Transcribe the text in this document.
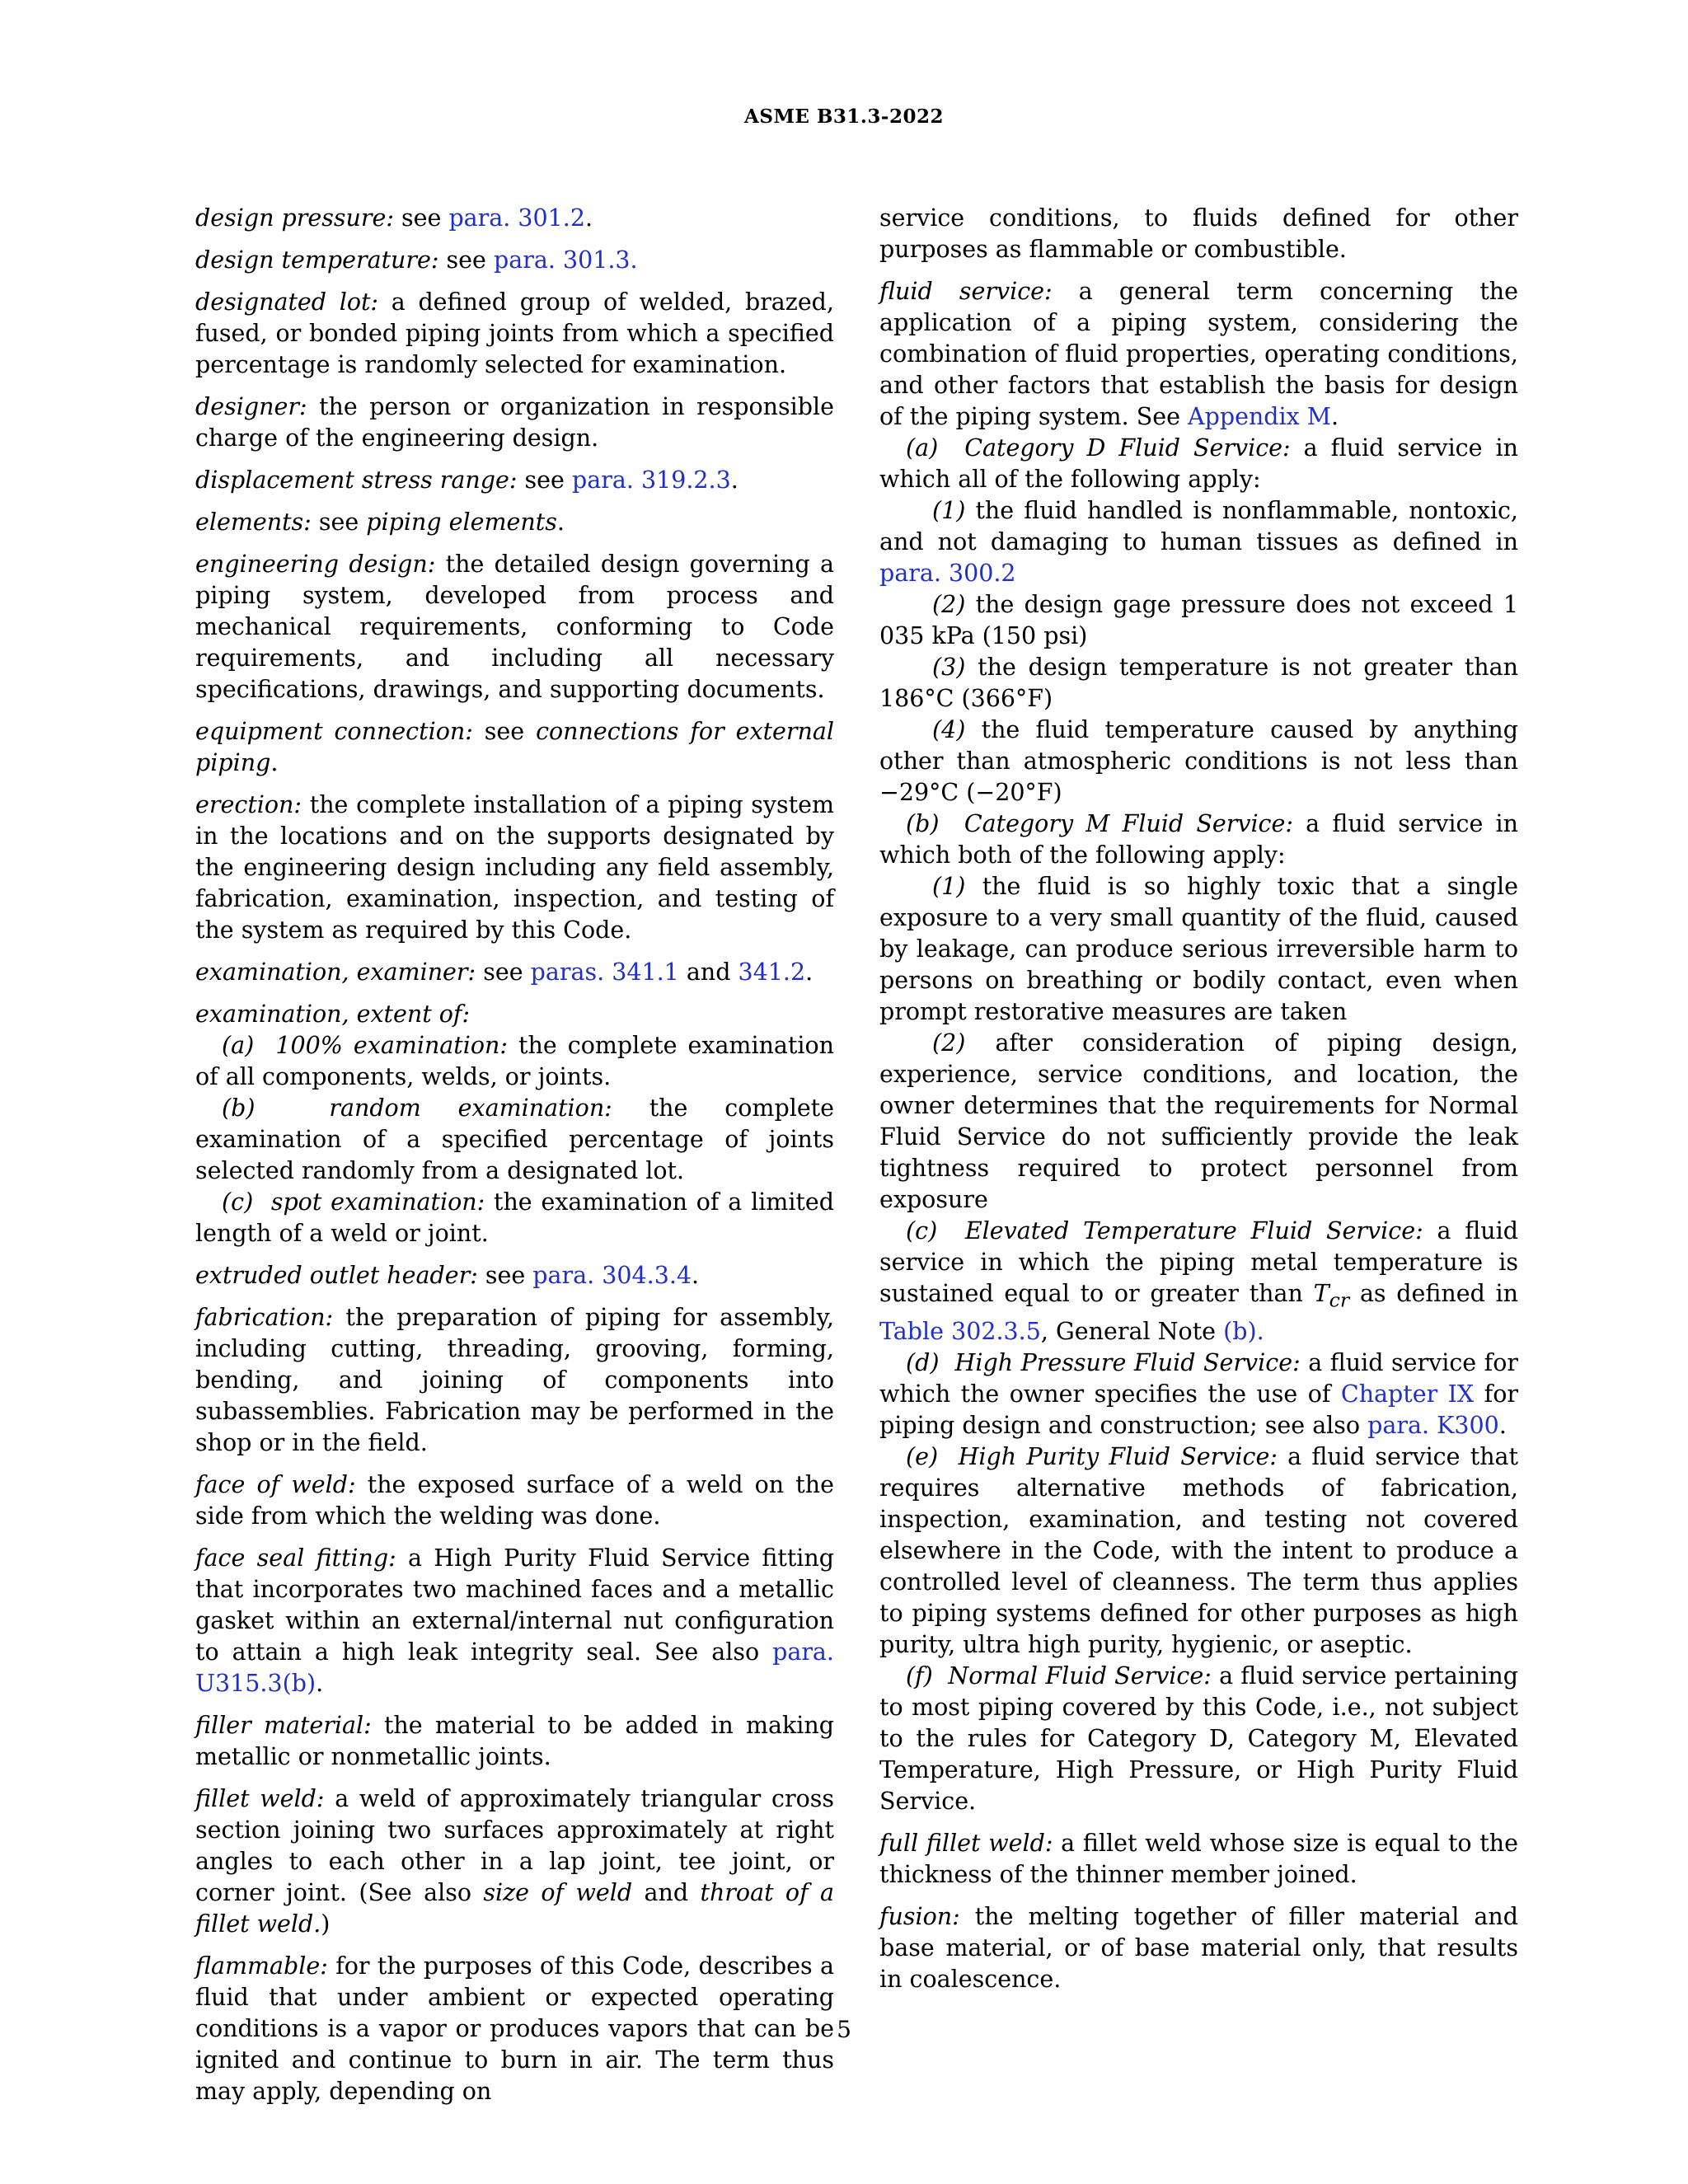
ASME B31.3-2022

design pressure: see para. 301.2.

design temperature: see para. 301.3.

designated lot: a defined group of welded, brazed, fused, or bonded piping joints from which a specified percentage is randomly selected for examination.

designer: the person or organization in responsible charge of the engineering design.

displacement stress range: see para. 319.2.3.

elements: see piping elements.

engineering design: the detailed design governing a piping system, developed from process and mechanical requirements, conforming to Code requirements, and including all necessary specifications, drawings, and supporting documents.

equipment connection: see connections for external piping.

erection: the complete installation of a piping system in the locations and on the supports designated by the engineering design including any field assembly, fabrication, examination, inspection, and testing of the system as required by this Code.

examination, examiner: see paras. 341.1 and 341.2.

examination, extent of:

(a) 100% examination: the complete examination of all components, welds, or joints.

(b)	random examination: the complete examination of a specified percentage of joints selected randomly from a designated lot.

(c) spot examination: the examination of a limited length of a weld or joint.

extruded outlet header: see para. 304.3.4.

fabrication: the preparation of piping for assembly, including cutting, threading, grooving, forming, bending, and joining of components into subassemblies. Fabrication may be performed in the shop or in the field.

face of weld: the exposed surface of a weld on the side from which the welding was done.

face seal fitting: a High Purity Fluid Service fitting that incorporates two machined faces and a metallic gasket within an external/internal nut configuration to attain a high leak integrity seal. See also para. U315.3(b).

filler material: the material to be added in making metallic or nonmetallic joints.

fillet weld: a weld of approximately triangular cross section joining two surfaces approximately at right angles to each other in a lap joint, tee joint, or corner joint. (See also size of weld and throat of a fillet weld.)

flammable: for the purposes of this Code, describes a fluid that under ambient or expected operating conditions is a vapor or produces vapors that can be ignited and continue to burn in air. The term thus may apply, depending on

service conditions, to fluids defined for other purposes as flammable or combustible.

fluid service: a general term concerning the application of a piping system, considering the combination of fluid properties, operating conditions, and other factors that establish the basis for design of the piping system. See Appendix M.

(a) Category D Fluid Service: a fluid service in which all of the following apply:

(1) the fluid handled is nonflammable, nontoxic, and not damaging to human tissues as defined in para. 300.2

(2) the design gage pressure does not exceed 1 035 kPa (150 psi)

(3) the design temperature is not greater than 186°C (366°F)

(4) the fluid temperature caused by anything other than atmospheric conditions is not less than −29°C (−20°F)

(b) Category M Fluid Service: a fluid service in which both of the following apply:

(1) the fluid is so highly toxic that a single exposure to a very small quantity of the fluid, caused by leakage, can produce serious irreversible harm to persons on breathing or bodily contact, even when prompt restorative measures are taken

(2) after consideration of piping design, experience, service conditions, and location, the owner determines that the requirements for Normal Fluid Service do not sufficiently provide the leak tightness required to protect personnel from exposure

(c) Elevated Temperature Fluid Service: a fluid service in which the piping metal temperature is sustained equal to or greater than $T_{cr}$ as defined in Table 302.3.5, General Note (b).

(d) High Pressure Fluid Service: a fluid service for which the owner specifies the use of Chapter IX for piping design and construction; see also para. K300.

(e) High Purity Fluid Service: a fluid service that requires alternative methods of fabrication, inspection, examination, and testing not covered elsewhere in the Code, with the intent to produce a controlled level of cleanness. The term thus applies to piping systems defined for other purposes as high purity, ultra high purity, hygienic, or aseptic.

(f) Normal Fluid Service: a fluid service pertaining to most piping covered by this Code, i.e., not subject to the rules for Category D, Category M, Elevated Temperature, High Pressure, or High Purity Fluid Service.

full fillet weld: a fillet weld whose size is equal to the thickness of the thinner member joined.

fusion: the melting together of filler material and base material, or of base material only, that results in coalescence.

5
